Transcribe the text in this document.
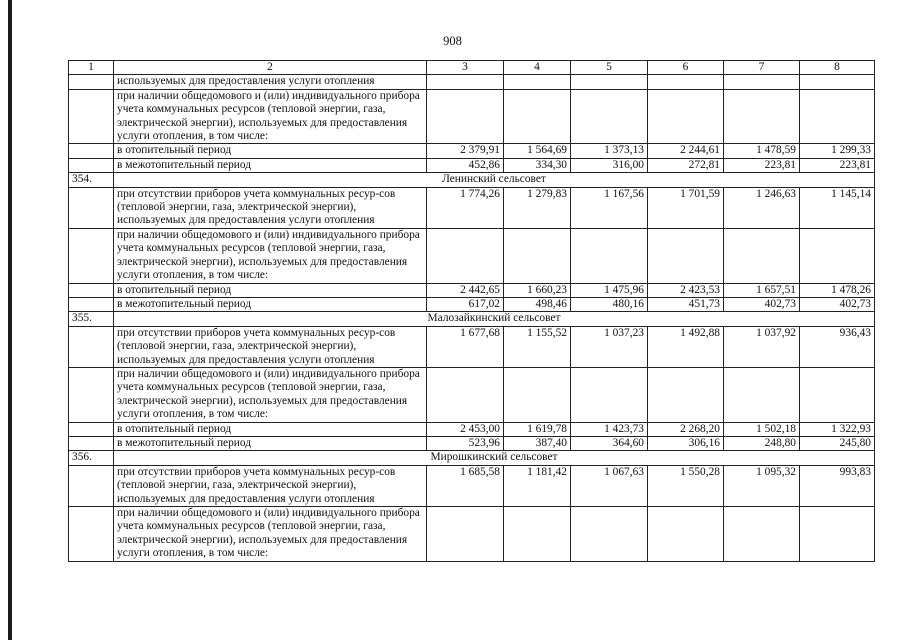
908
1	2	3	4	5	6	7	8
	используемых для предоставления услуги отопления						
	при наличии общедомового и (или) индивидуального прибора учета коммунальных ресурсов (тепловой энергии, газа, электрической энергии), используемых для предоставления услуги отопления, в том числе:						
	в отопительный период	2 379,91	1 564,69	1 373,13	2 244,61	1 478,59	1 299,33
	в межотопительный период	452,86	334,30	316,00	272,81	223,81	223,81
354.	Ленинский сельсовет						
	при отсутствии приборов учета коммунальных ресур-сов (тепловой энергии, газа, электрической энергии), используемых для предоставления услуги отопления	1 774,26	1 279,83	1 167,56	1 701,59	1 246,63	1 145,14
	при наличии общедомового и (или) индивидуального прибора учета коммунальных ресурсов (тепловой энергии, газа, электрической энергии), используемых для предоставления услуги отопления, в том числе:						
	в отопительный период	2 442,65	1 660,23	1 475,96	2 423,53	1 657,51	1 478,26
	в межотопительный период	617,02	498,46	480,16	451,73	402,73	402,73
355.	Малозайкинский сельсовет						
	при отсутствии приборов учета коммунальных ресур-сов (тепловой энергии, газа, электрической энергии), используемых для предоставления услуги отопления	1 677,68	1 155,52	1 037,23	1 492,88	1 037,92	936,43
	при наличии общедомового и (или) индивидуального прибора учета коммунальных ресурсов (тепловой энергии, газа, электрической энергии), используемых для предоставления услуги отопления, в том числе:						
	в отопительный период	2 453,00	1 619,78	1 423,73	2 268,20	1 502,18	1 322,93
	в межотопительный период	523,96	387,40	364,60	306,16	248,80	245,80
356.	Мирошкинский сельсовет						
	при отсутствии приборов учета коммунальных ресур-сов (тепловой энергии, газа, электрической энергии), используемых для предоставления услуги отопления	1 685,58	1 181,42	1 067,63	1 550,28	1 095,32	993,83
	при наличии общедомового и (или) индивидуального прибора учета коммунальных ресурсов (тепловой энергии, газа, электрической энергии), используемых для предоставления услуги отопления, в том числе:						
